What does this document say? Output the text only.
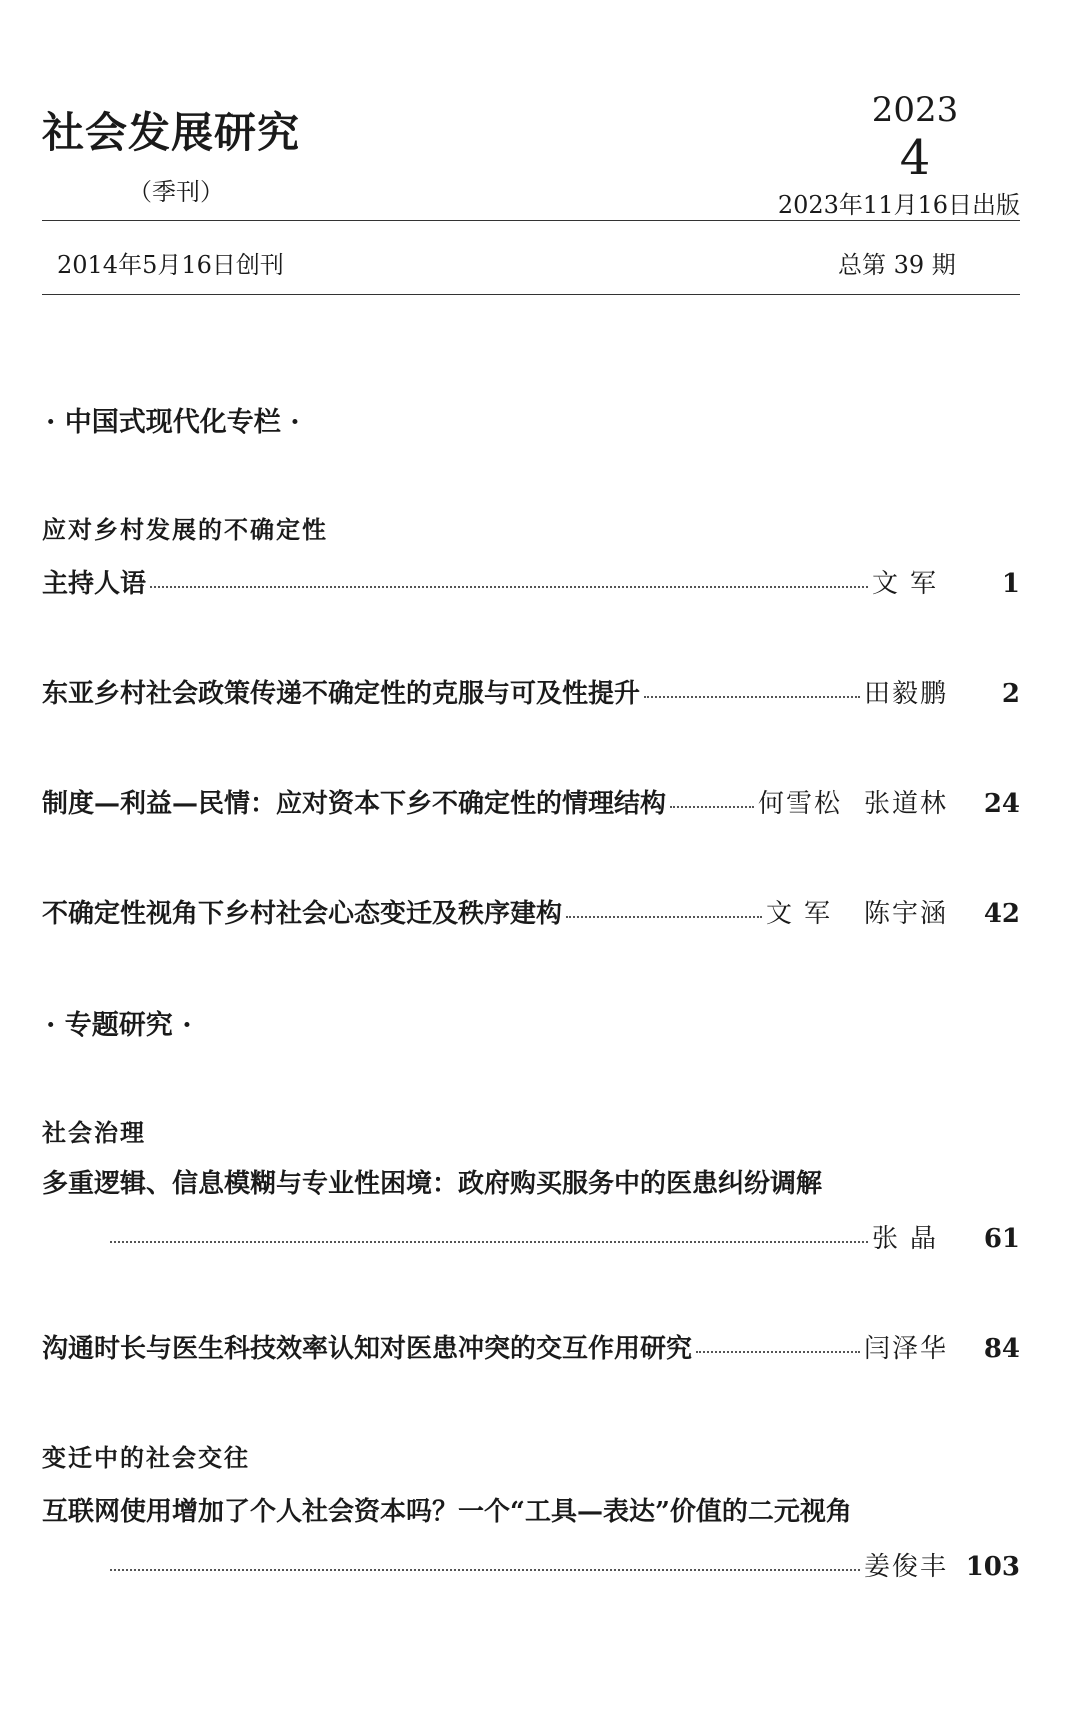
社会发展研究
（季刊）
2023
4
2023年11月16日出版
2014年5月16日创刊	总第 39 期
· 中国式现代化专栏 ·
应对乡村发展的不确定性
主持人语	文军	1
东亚乡村社会政策传递不确定性的克服与可及性提升	田毅鹏	2
制度—利益—民情：应对资本下乡不确定性的情理结构	何雪松 张道林	24
不确定性视角下乡村社会心态变迁及秩序建构	文军 陈宇涵	42
· 专题研究 ·
社会治理
多重逻辑、信息模糊与专业性困境：政府购买服务中的医患纠纷调解
张晶	61
沟通时长与医生科技效率认知对医患冲突的交互作用研究	闫泽华	84
变迁中的社会交往
互联网使用增加了个人社会资本吗？一个“工具—表达”价值的二元视角
姜俊丰 103
